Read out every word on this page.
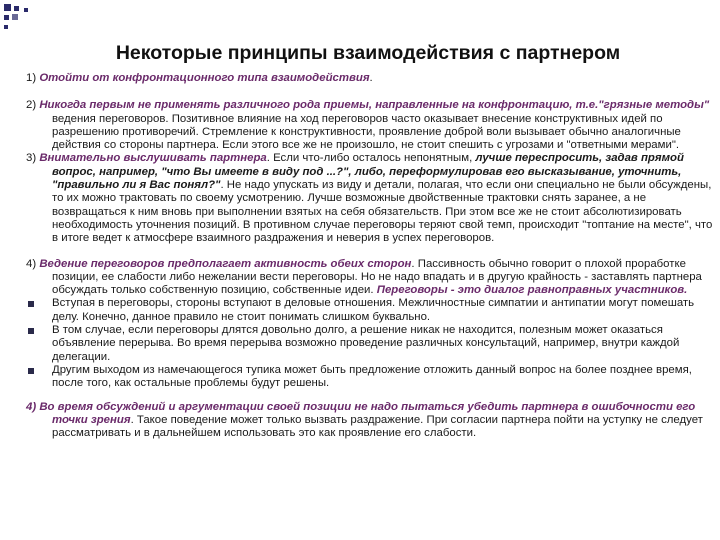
Некоторые принципы взаимодействия с партнером
1) Отойти от конфронтационного типа взаимодействия.
2) Никогда первым не применять различного рода приемы, направленные на конфронтацию, т.е."грязные методы" ведения переговоров. Позитивное влияние на ход переговоров часто оказывает внесение конструктивных идей по разрешению противоречий. Стремление к конструктивности, проявление доброй воли вызывает обычно аналогичные действия со стороны партнера. Если этого все же не произошло, не стоит спешить с угрозами и "ответными мерами".
3) Внимательно выслушивать партнера. Если что-либо осталось непонятным, лучше переспросить, задав прямой вопрос, например, "что Вы имеете в виду под ...?", либо, переформулировав его высказывание, уточнить, "правильно ли я Вас понял?". Не надо упускать из виду и детали, полагая, что если они специально не были обсуждены, то их можно трактовать по своему усмотрению. Лучше возможные двойственные трактовки снять заранее, а не возвращаться к ним вновь при выполнении взятых на себя обязательств. При этом все же не стоит абсолютизировать необходимость уточнения позиций. В противном случае переговоры теряют свой темп, происходит "топтание на месте", что в итоге ведет к атмосфере взаимного раздражения и неверия в успех переговоров.
4) Ведение переговоров предполагает активность обеих сторон. Пассивность обычно говорит о плохой проработке позиции, ее слабости либо нежелании вести переговоры. Но не надо впадать и в другую крайность - заставлять партнера обсуждать только собственную позицию, собственные идеи. Переговоры - это диалог равноправных участников.
Вступая в переговоры, стороны вступают в деловые отношения. Межличностные симпатии и антипатии могут помешать делу. Конечно, данное правило не стоит понимать слишком буквально.
В том случае, если переговоры длятся довольно долго, а решение никак не находится, полезным может оказаться объявление перерыва. Во время перерыва возможно проведение различных консультаций, например, внутри каждой делегации.
Другим выходом из намечающегося тупика может быть предложение отложить данный вопрос на более позднее время, после того, как остальные проблемы будут решены.
4) Во время обсуждений и аргументации своей позиции не надо пытаться убедить партнера в ошибочности его точки зрения. Такое поведение может только вызвать раздражение. При согласии партнера пойти на уступку не следует рассматривать и в дальнейшем использовать это как проявление его слабости.
